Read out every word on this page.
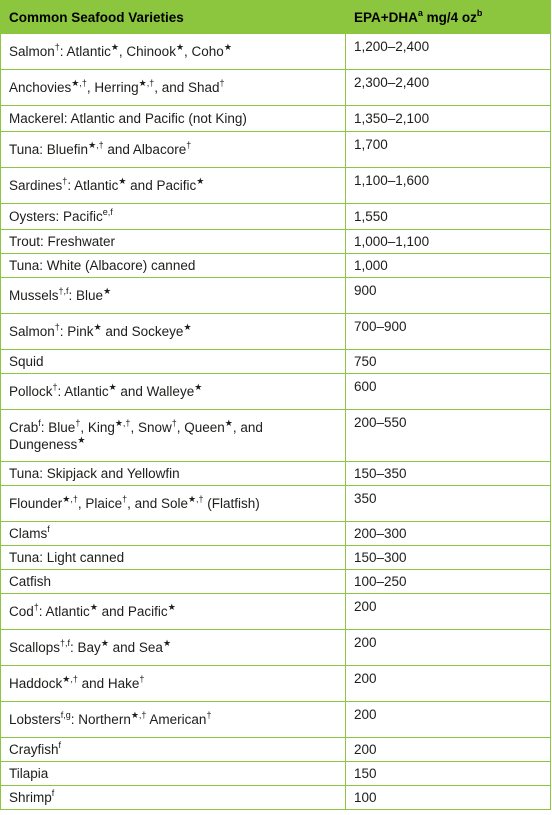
Common Seafood Varieties	$EPA+DHA^a$ mg/4 $oz^b$
Salmon†: Atlantic★, Chinook★, Coho★	1,200–2,400
Anchovies★,†, Herring★,†, and Shad†	2,300–2,400
Mackerel: Atlantic and Pacific (not King)	1,350–2,100
Tuna: Bluefin★,† and Albacore†	1,700
Sardines†: Atlantic★ and Pacific★	1,100–1,600
Oysters: Pacific$^{e,f}$	1,550
Trout: Freshwater	1,000–1,100
Tuna: White (Albacore) canned	1,000
Mussels$^{\dagger,f}$: Blue★	900
Salmon†: Pink★ and Sockeye★	700–900
Squid	750
Pollock†: Atlantic★ and Walleye★	600
Crab$^f$: Blue†, King★,†, Snow†, Queen★, and Dungeness★	200–550
Tuna: Skipjack and Yellowfin	150–350
Flounder★,†, Plaice†, and Sole★,† (Flatfish)	350
Clams$^f$	200–300
Tuna: Light canned	150–300
Catfish	100–250
Cod†: Atlantic★ and Pacific★	200
Scallops$^{\dagger,f}$: Bay★ and Sea★	200
Haddock★,† and Hake†	200
Lobsters$^{f,g}$: Northern★,† American†	200
Crayfish$^f$	200
Tilapia	150
Shrimp$^f$	100
